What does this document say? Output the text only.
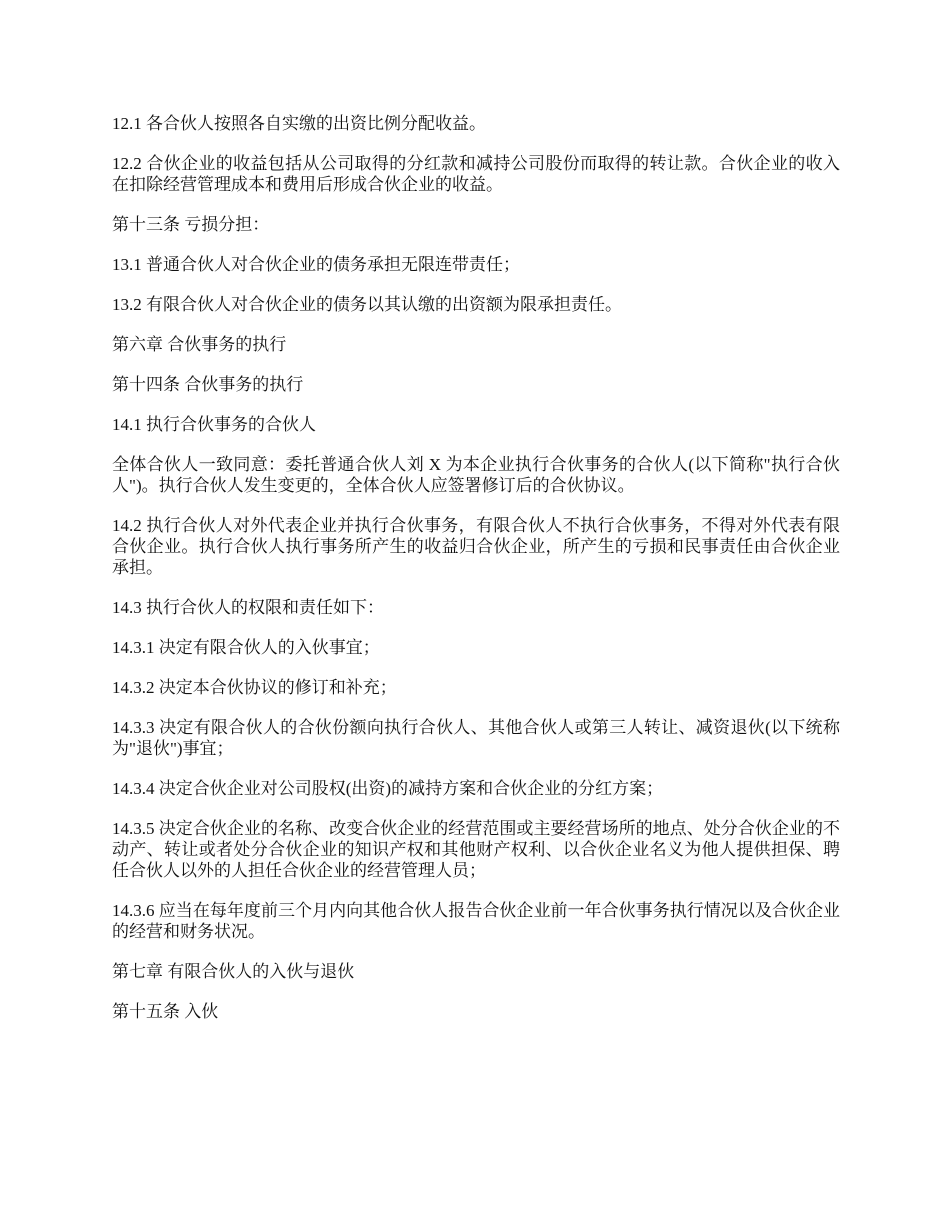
12.1 各合伙人按照各自实缴的出资比例分配收益。

12.2 合伙企业的收益包括从公司取得的分红款和减持公司股份而取得的转让款。合伙企业的收入在扣除经营管理成本和费用后形成合伙企业的收益。

第十三条 亏损分担：

13.1 普通合伙人对合伙企业的债务承担无限连带责任；

13.2 有限合伙人对合伙企业的债务以其认缴的出资额为限承担责任。

第六章 合伙事务的执行

第十四条 合伙事务的执行

14.1 执行合伙事务的合伙人

全体合伙人一致同意：委托普通合伙人刘 X 为本企业执行合伙事务的合伙人(以下简称"执行合伙人")。执行合伙人发生变更的，全体合伙人应签署修订后的合伙协议。

14.2 执行合伙人对外代表企业并执行合伙事务，有限合伙人不执行合伙事务，不得对外代表有限合伙企业。执行合伙人执行事务所产生的收益归合伙企业，所产生的亏损和民事责任由合伙企业承担。

14.3 执行合伙人的权限和责任如下：

14.3.1 决定有限合伙人的入伙事宜；

14.3.2 决定本合伙协议的修订和补充；

14.3.3 决定有限合伙人的合伙份额向执行合伙人、其他合伙人或第三人转让、减资退伙(以下统称为"退伙")事宜；

14.3.4 决定合伙企业对公司股权(出资)的减持方案和合伙企业的分红方案；

14.3.5 决定合伙企业的名称、改变合伙企业的经营范围或主要经营场所的地点、处分合伙企业的不动产、转让或者处分合伙企业的知识产权和其他财产权利、以合伙企业名义为他人提供担保、聘任合伙人以外的人担任合伙企业的经营管理人员；

14.3.6 应当在每年度前三个月内向其他合伙人报告合伙企业前一年合伙事务执行情况以及合伙企业的经营和财务状况。

第七章 有限合伙人的入伙与退伙

第十五条 入伙
